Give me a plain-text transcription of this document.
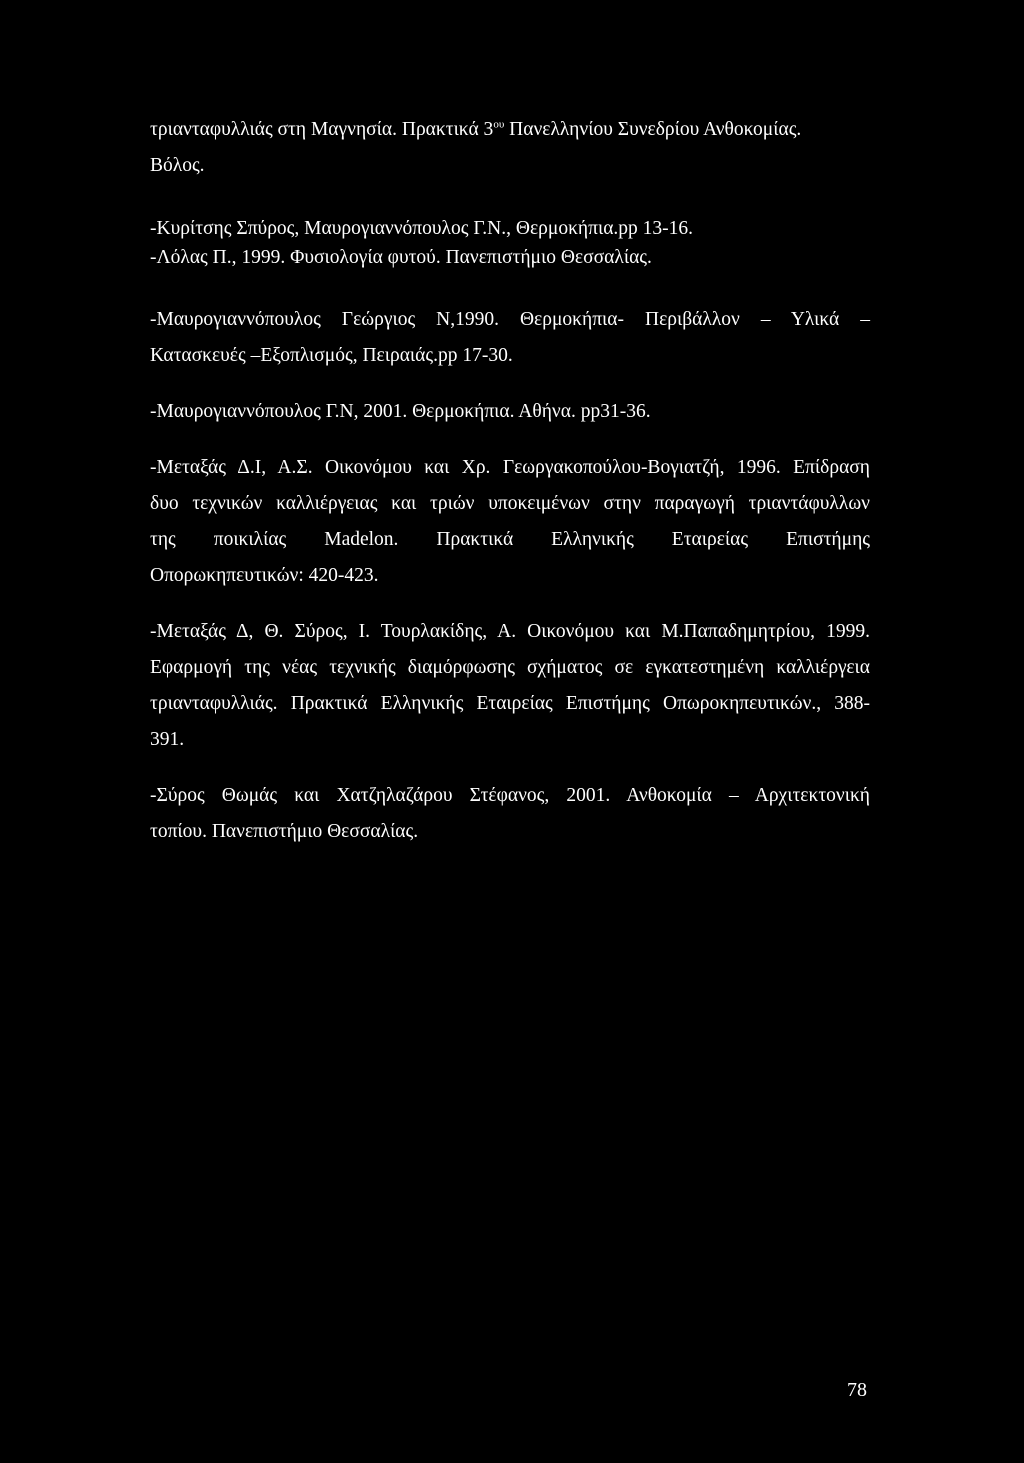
τριανταφυλλιάς στη Μαγνησία. Πρακτικά $3^{o\upsilon}$ Πανελληνίου Συνεδρίου Ανθοκομίας.
Βόλος.
-Κυρίτσης Σπύρος, Μαυρογιαννόπουλος Γ.Ν., Θερμοκήπια.pp 13-16.
-Λόλας Π., 1999. Φυσιολογία φυτού. Πανεπιστήμιο Θεσσαλίας.
-Μαυρογιαννόπουλος Γεώργιος Ν,1990. Θερμοκήπια- Περιβάλλον – Υλικά –
Κατασκευές –Εξοπλισμός, Πειραιάς.pp 17-30.
-Μαυρογιαννόπουλος Γ.Ν, 2001. Θερμοκήπια. Αθήνα. pp31-36.
-Μεταξάς Δ.Ι, Α.Σ. Οικονόμου και Χρ. Γεωργακοπούλου-Βογιατζή, 1996. Επίδραση
δυο τεχνικών καλλιέργειας και τριών υποκειμένων στην παραγωγή τριαντάφυλλων
της ποικιλίας Madelon. Πρακτικά Ελληνικής Εταιρείας Επιστήμης
Οπορωκηπευτικών: 420-423.
-Μεταξάς Δ, Θ. Σύρος, Ι. Τουρλακίδης, Α. Οικονόμου και Μ.Παπαδημητρίου, 1999.
Εφαρμογή της νέας τεχνικής διαμόρφωσης σχήματος σε εγκατεστημένη καλλιέργεια
τριανταφυλλιάς. Πρακτικά Ελληνικής Εταιρείας Επιστήμης Οπωροκηπευτικών., 388-
391.
-Σύρος Θωμάς και Χατζηλαζάρου Στέφανος, 2001. Ανθοκομία – Αρχιτεκτονική
τοπίου. Πανεπιστήμιο Θεσσαλίας.
78
